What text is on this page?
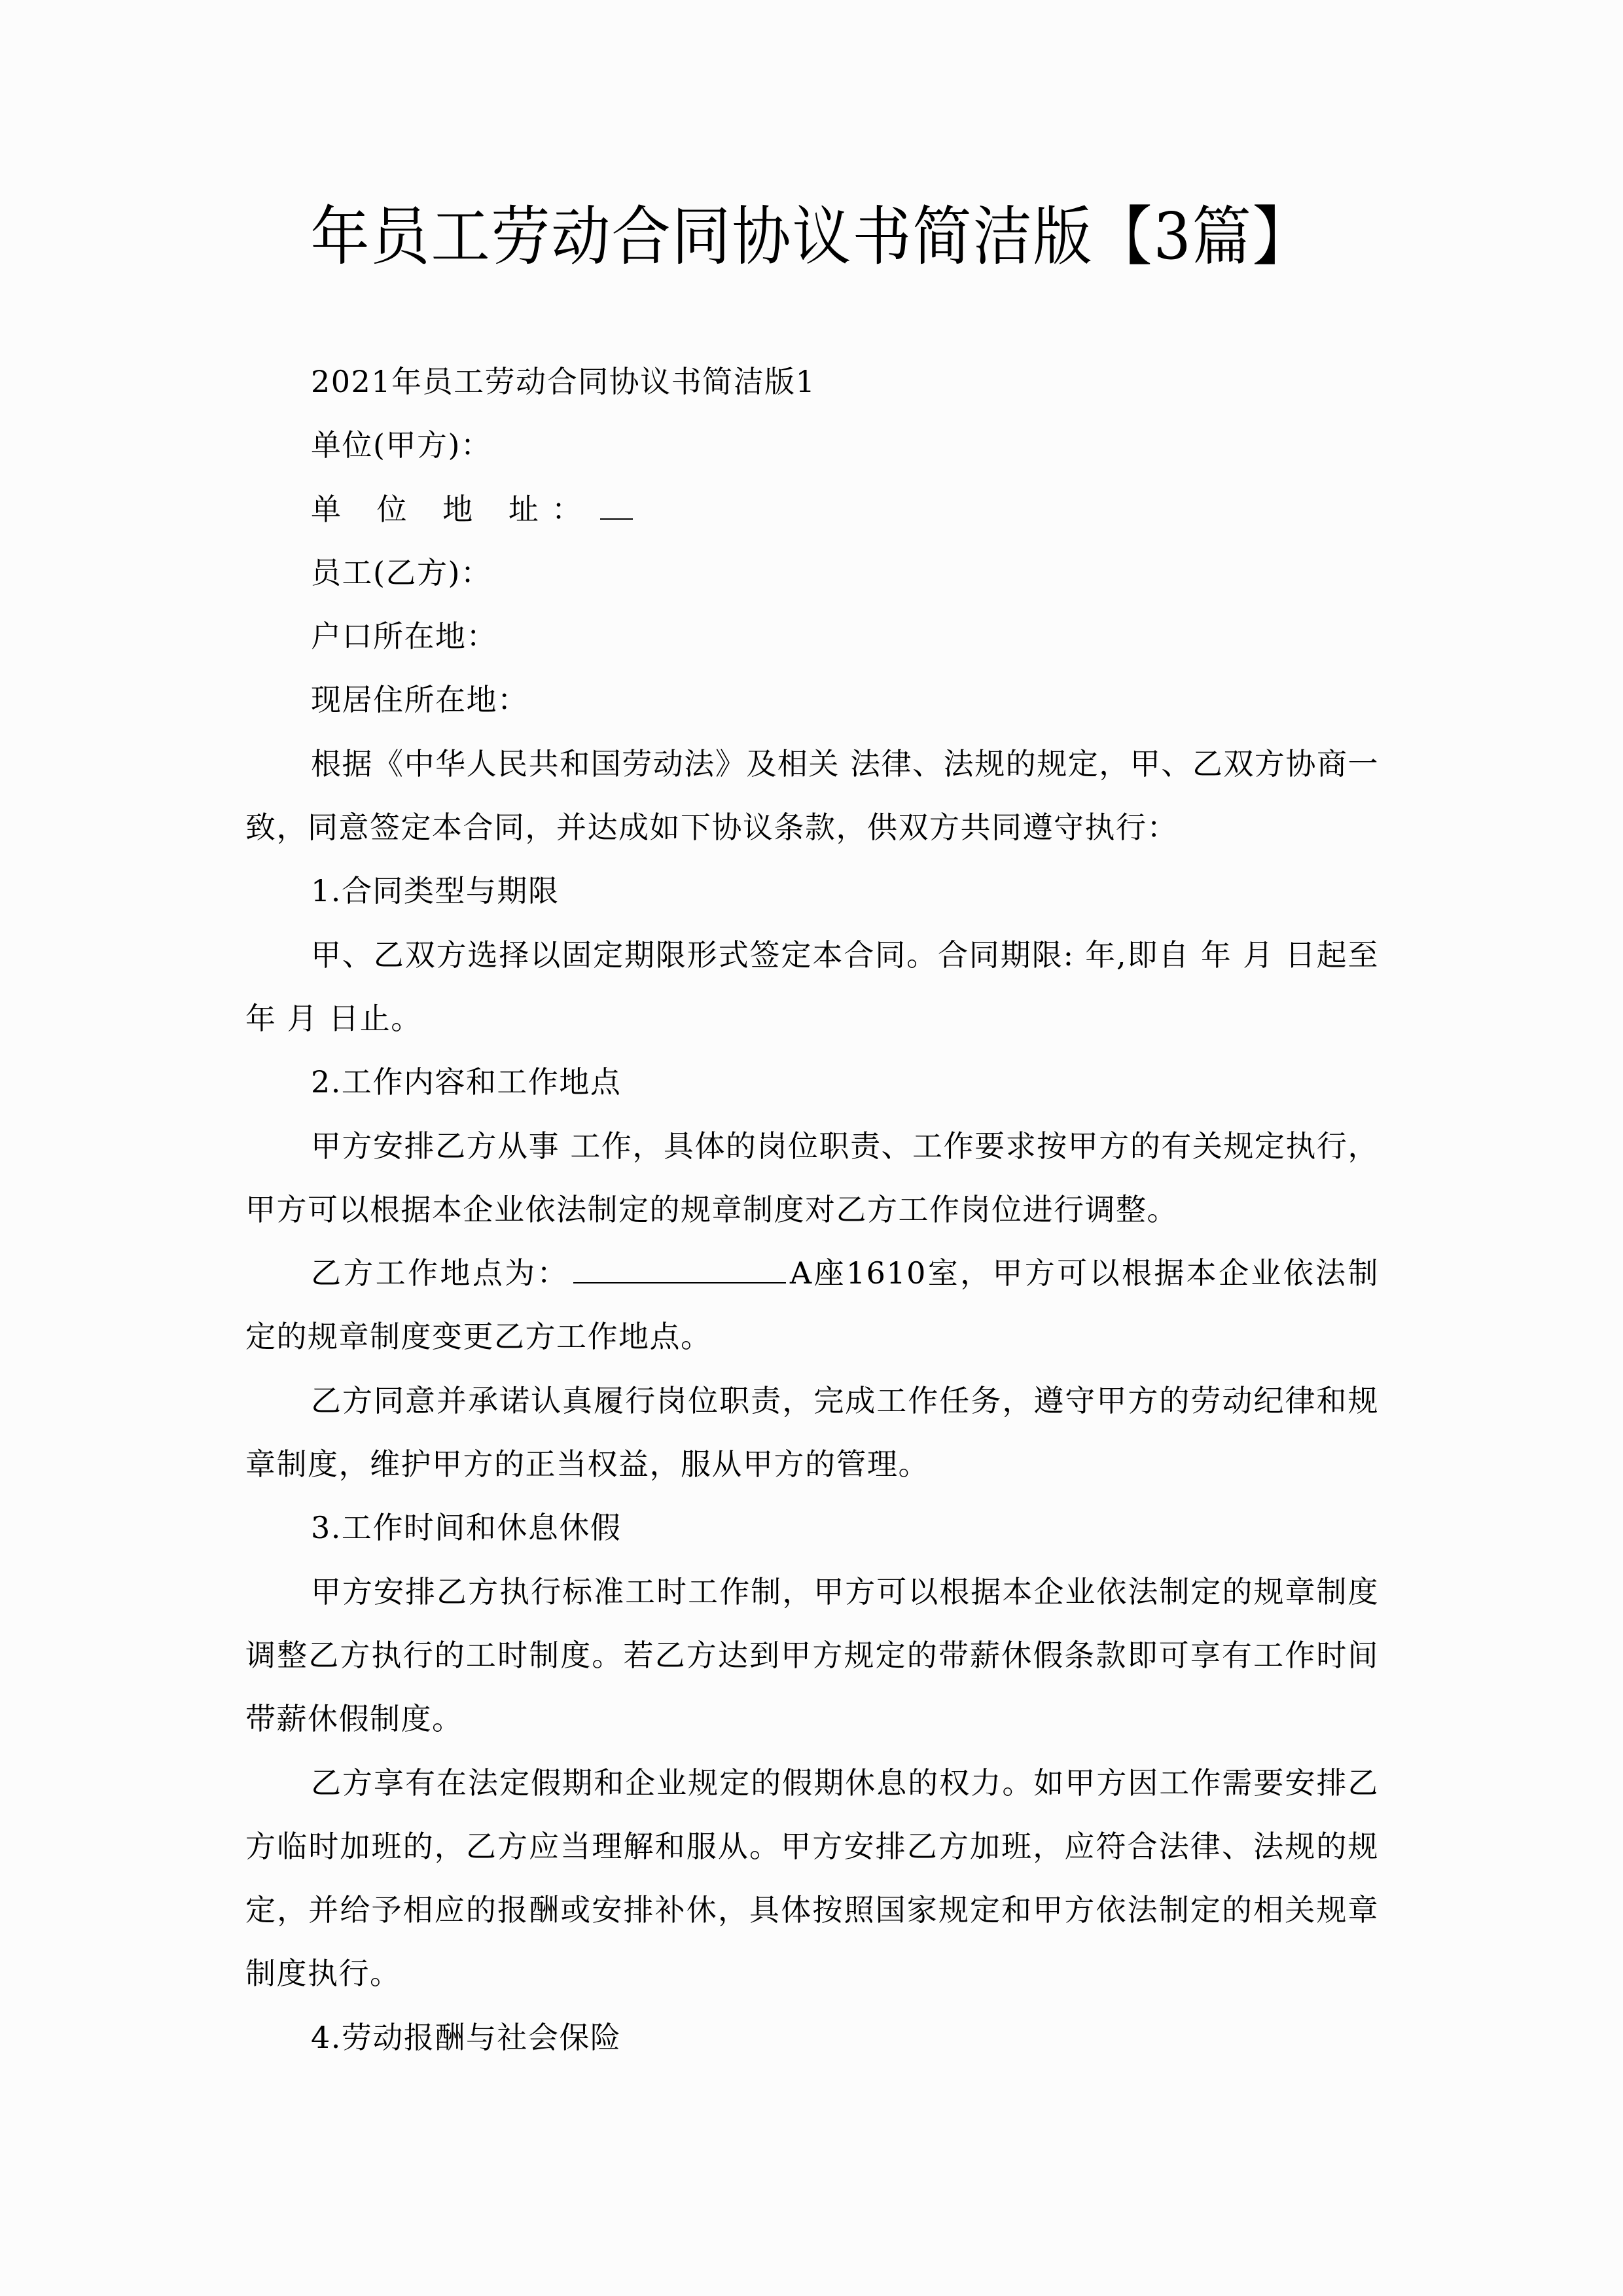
年员工劳动合同协议书简洁版【3篇】

2021年员工劳动合同协议书简洁版1

单位(甲方)：

单 位 地 址：

员工(乙方)：

户口所在地：

现居住所在地：

根据《中华人民共和国劳动法》及相关 法律、法规的规定，甲、乙双方协商一致，同意签定本合同，并达成如下协议条款，供双方共同遵守执行：

1.合同类型与期限

甲、乙双方选择以固定期限形式签定本合同。合同期限: 年,即自 年 月 日起至 年 月 日止。

2.工作内容和工作地点

甲方安排乙方从事 工作，具体的岗位职责、工作要求按甲方的有关规定执行，甲方可以根据本企业依法制定的规章制度对乙方工作岗位进行调整。

乙方工作地点为：	A座1610室，甲方可以根据本企业依法制定的规章制度变更乙方工作地点。

乙方同意并承诺认真履行岗位职责，完成工作任务，遵守甲方的劳动纪律和规章制度，维护甲方的正当权益，服从甲方的管理。

3.工作时间和休息休假

甲方安排乙方执行标准工时工作制，甲方可以根据本企业依法制定的规章制度调整乙方执行的工时制度。若乙方达到甲方规定的带薪休假条款即可享有工作时间带薪休假制度。

乙方享有在法定假期和企业规定的假期休息的权力。如甲方因工作需要安排乙方临时加班的，乙方应当理解和服从。甲方安排乙方加班，应符合法律、法规的规定，并给予相应的报酬或安排补休，具体按照国家规定和甲方依法制定的相关规章制度执行。

4.劳动报酬与社会保险
